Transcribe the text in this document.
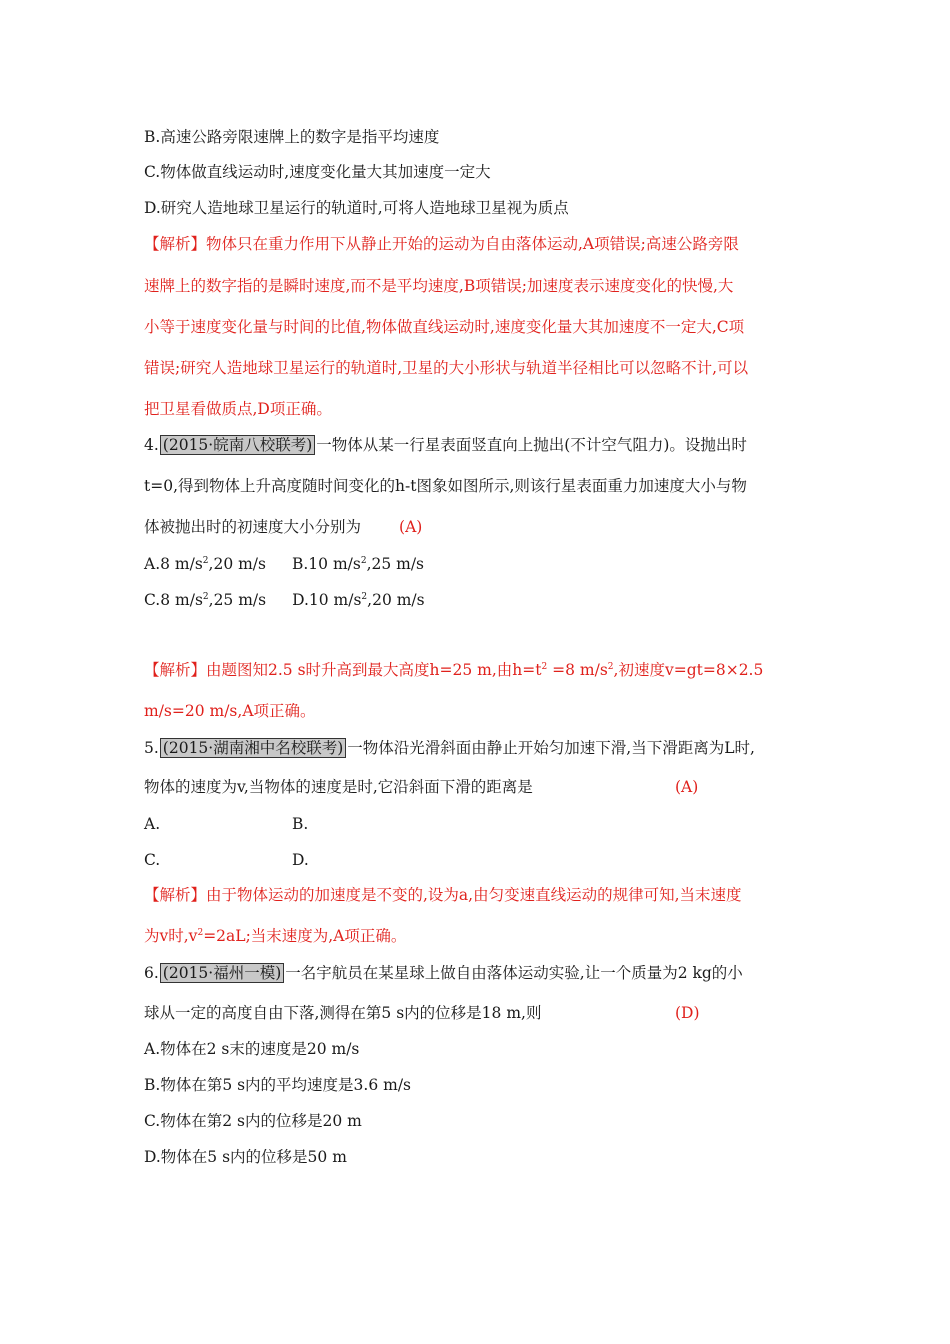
B.高速公路旁限速牌上的数字是指平均速度
C.物体做直线运动时,速度变化量大其加速度一定大
D.研究人造地球卫星运行的轨道时,可将人造地球卫星视为质点
【解析】物体只在重力作用下从静止开始的运动为自由落体运动,A项错误;高速公路旁限
速牌上的数字指的是瞬时速度,而不是平均速度,B项错误;加速度表示速度变化的快慢,大
小等于速度变化量与时间的比值,物体做直线运动时,速度变化量大其加速度不一定大,C项
错误;研究人造地球卫星运行的轨道时,卫星的大小形状与轨道半径相比可以忽略不计,可以
把卫星看做质点,D项正确。
4. (2015·皖南八校联考) 一物体从某一行星表面竖直向上抛出(不计空气阻力)。设抛出时
t=0,得到物体上升高度随时间变化的h-t图象如图所示,则该行星表面重力加速度大小与物
体被抛出时的初速度大小分别为 (A)
A.8 $m/s^2,20$ m/s B.10 $m/s^2,25$ m/s
C.8 $m/s^2,25$ m/s D.10 $m/s^2,20$ m/s
【解析】由题图知2.5 s时升高到最大高度h=25 m,由$h=t^2 =8$ $m/s^2$,初速度v=gt=8×2.5
m/s=20 m/s,A项正确。
5. (2015·湖南湘中名校联考) 一物体沿光滑斜面由静止开始匀加速下滑,当下滑距离为L时,
物体的速度为v,当物体的速度是时,它沿斜面下滑的距离是	(A)
A.	B.
C.	D.
【解析】由于物体运动的加速度是不变的,设为a,由匀变速直线运动的规律可知,当末速度
为v时$,v^2=2aL$;当末速度为,A项正确。
6. (2015·福州一模) 一名宇航员在某星球上做自由落体运动实验,让一个质量为2 kg的小
球从一定的高度自由下落,测得在第5 s内的位移是18 m,则	(D)
A.物体在2 s末的速度是20 m/s
B.物体在第5 s内的平均速度是3.6 m/s
C.物体在第2 s内的位移是20 m
D.物体在5 s内的位移是50 m
